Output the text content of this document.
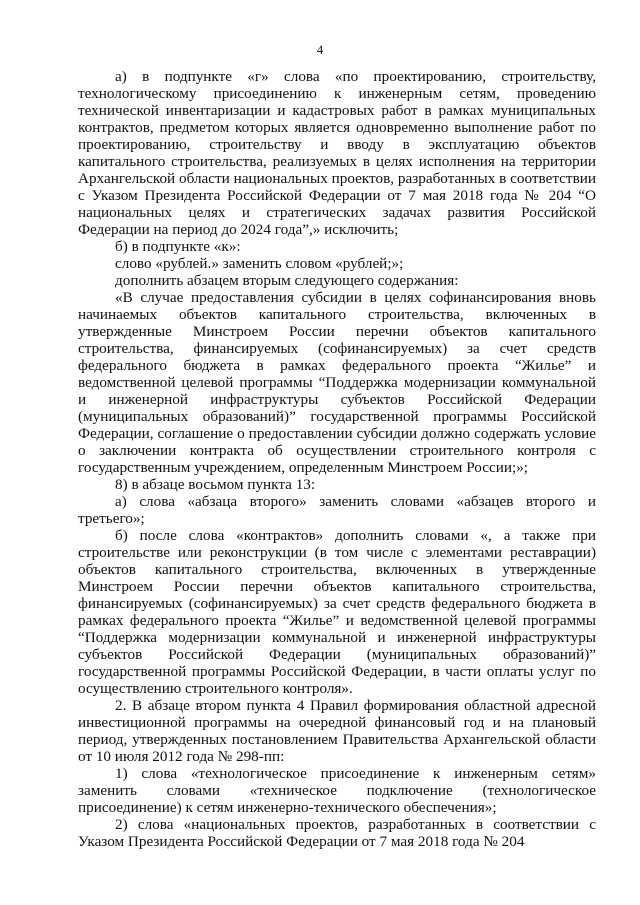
4

а) в подпункте «г» слова «по проектированию, строительству, технологическому присоединению к инженерным сетям, проведению технической инвентаризации и кадастровых работ в рамках муниципальных контрактов, предметом которых является одновременно выполнение работ по проектированию, строительству и вводу в эксплуатацию объектов капитального строительства, реализуемых в целях исполнения на территории Архангельской области национальных проектов, разработанных в соответствии с Указом Президента Российской Федерации от 7 мая 2018 года № 204 “О национальных целях и стратегических задачах развития Российской Федерации на период до 2024 года”,» исключить;

б) в подпункте «к»:

слово «рублей.» заменить словом «рублей;»;

дополнить абзацем вторым следующего содержания:

«В случае предоставления субсидии в целях софинансирования вновь начинаемых объектов капитального строительства, включенных в утвержденные Минстроем России перечни объектов капитального строительства, финансируемых (софинансируемых) за счет средств федерального бюджета в рамках федерального проекта “Жилье” и ведомственной целевой программы “Поддержка модернизации коммунальной и инженерной инфраструктуры субъектов Российской Федерации (муниципальных образований)” государственной программы Российской Федерации, соглашение о предоставлении субсидии должно содержать условие о заключении контракта об осуществлении строительного контроля с государственным учреждением, определенным Минстроем России;»;

8) в абзаце восьмом пункта 13:

а) слова «абзаца второго» заменить словами «абзацев второго и третьего»;

б) после слова «контрактов» дополнить словами «, а также при строительстве или реконструкции (в том числе с элементами реставрации) объектов капитального строительства, включенных в утвержденные Минстроем России перечни объектов капитального строительства, финансируемых (софинансируемых) за счет средств федерального бюджета в рамках федерального проекта “Жилье” и ведомственной целевой программы “Поддержка модернизации коммунальной и инженерной инфраструктуры субъектов Российской Федерации (муниципальных образований)” государственной программы Российской Федерации, в части оплаты услуг по осуществлению строительного контроля».

2. В абзаце втором пункта 4 Правил формирования областной адресной инвестиционной программы на очередной финансовый год и на плановый период, утвержденных постановлением Правительства Архангельской области от 10 июля 2012 года № 298-пп:

1) слова «технологическое присоединение к инженерным сетям» заменить словами «техническое подключение (технологическое присоединение) к сетям инженерно-технического обеспечения»;

2) слова «национальных проектов, разработанных в соответствии с Указом Президента Российской Федерации от 7 мая 2018 года № 204
